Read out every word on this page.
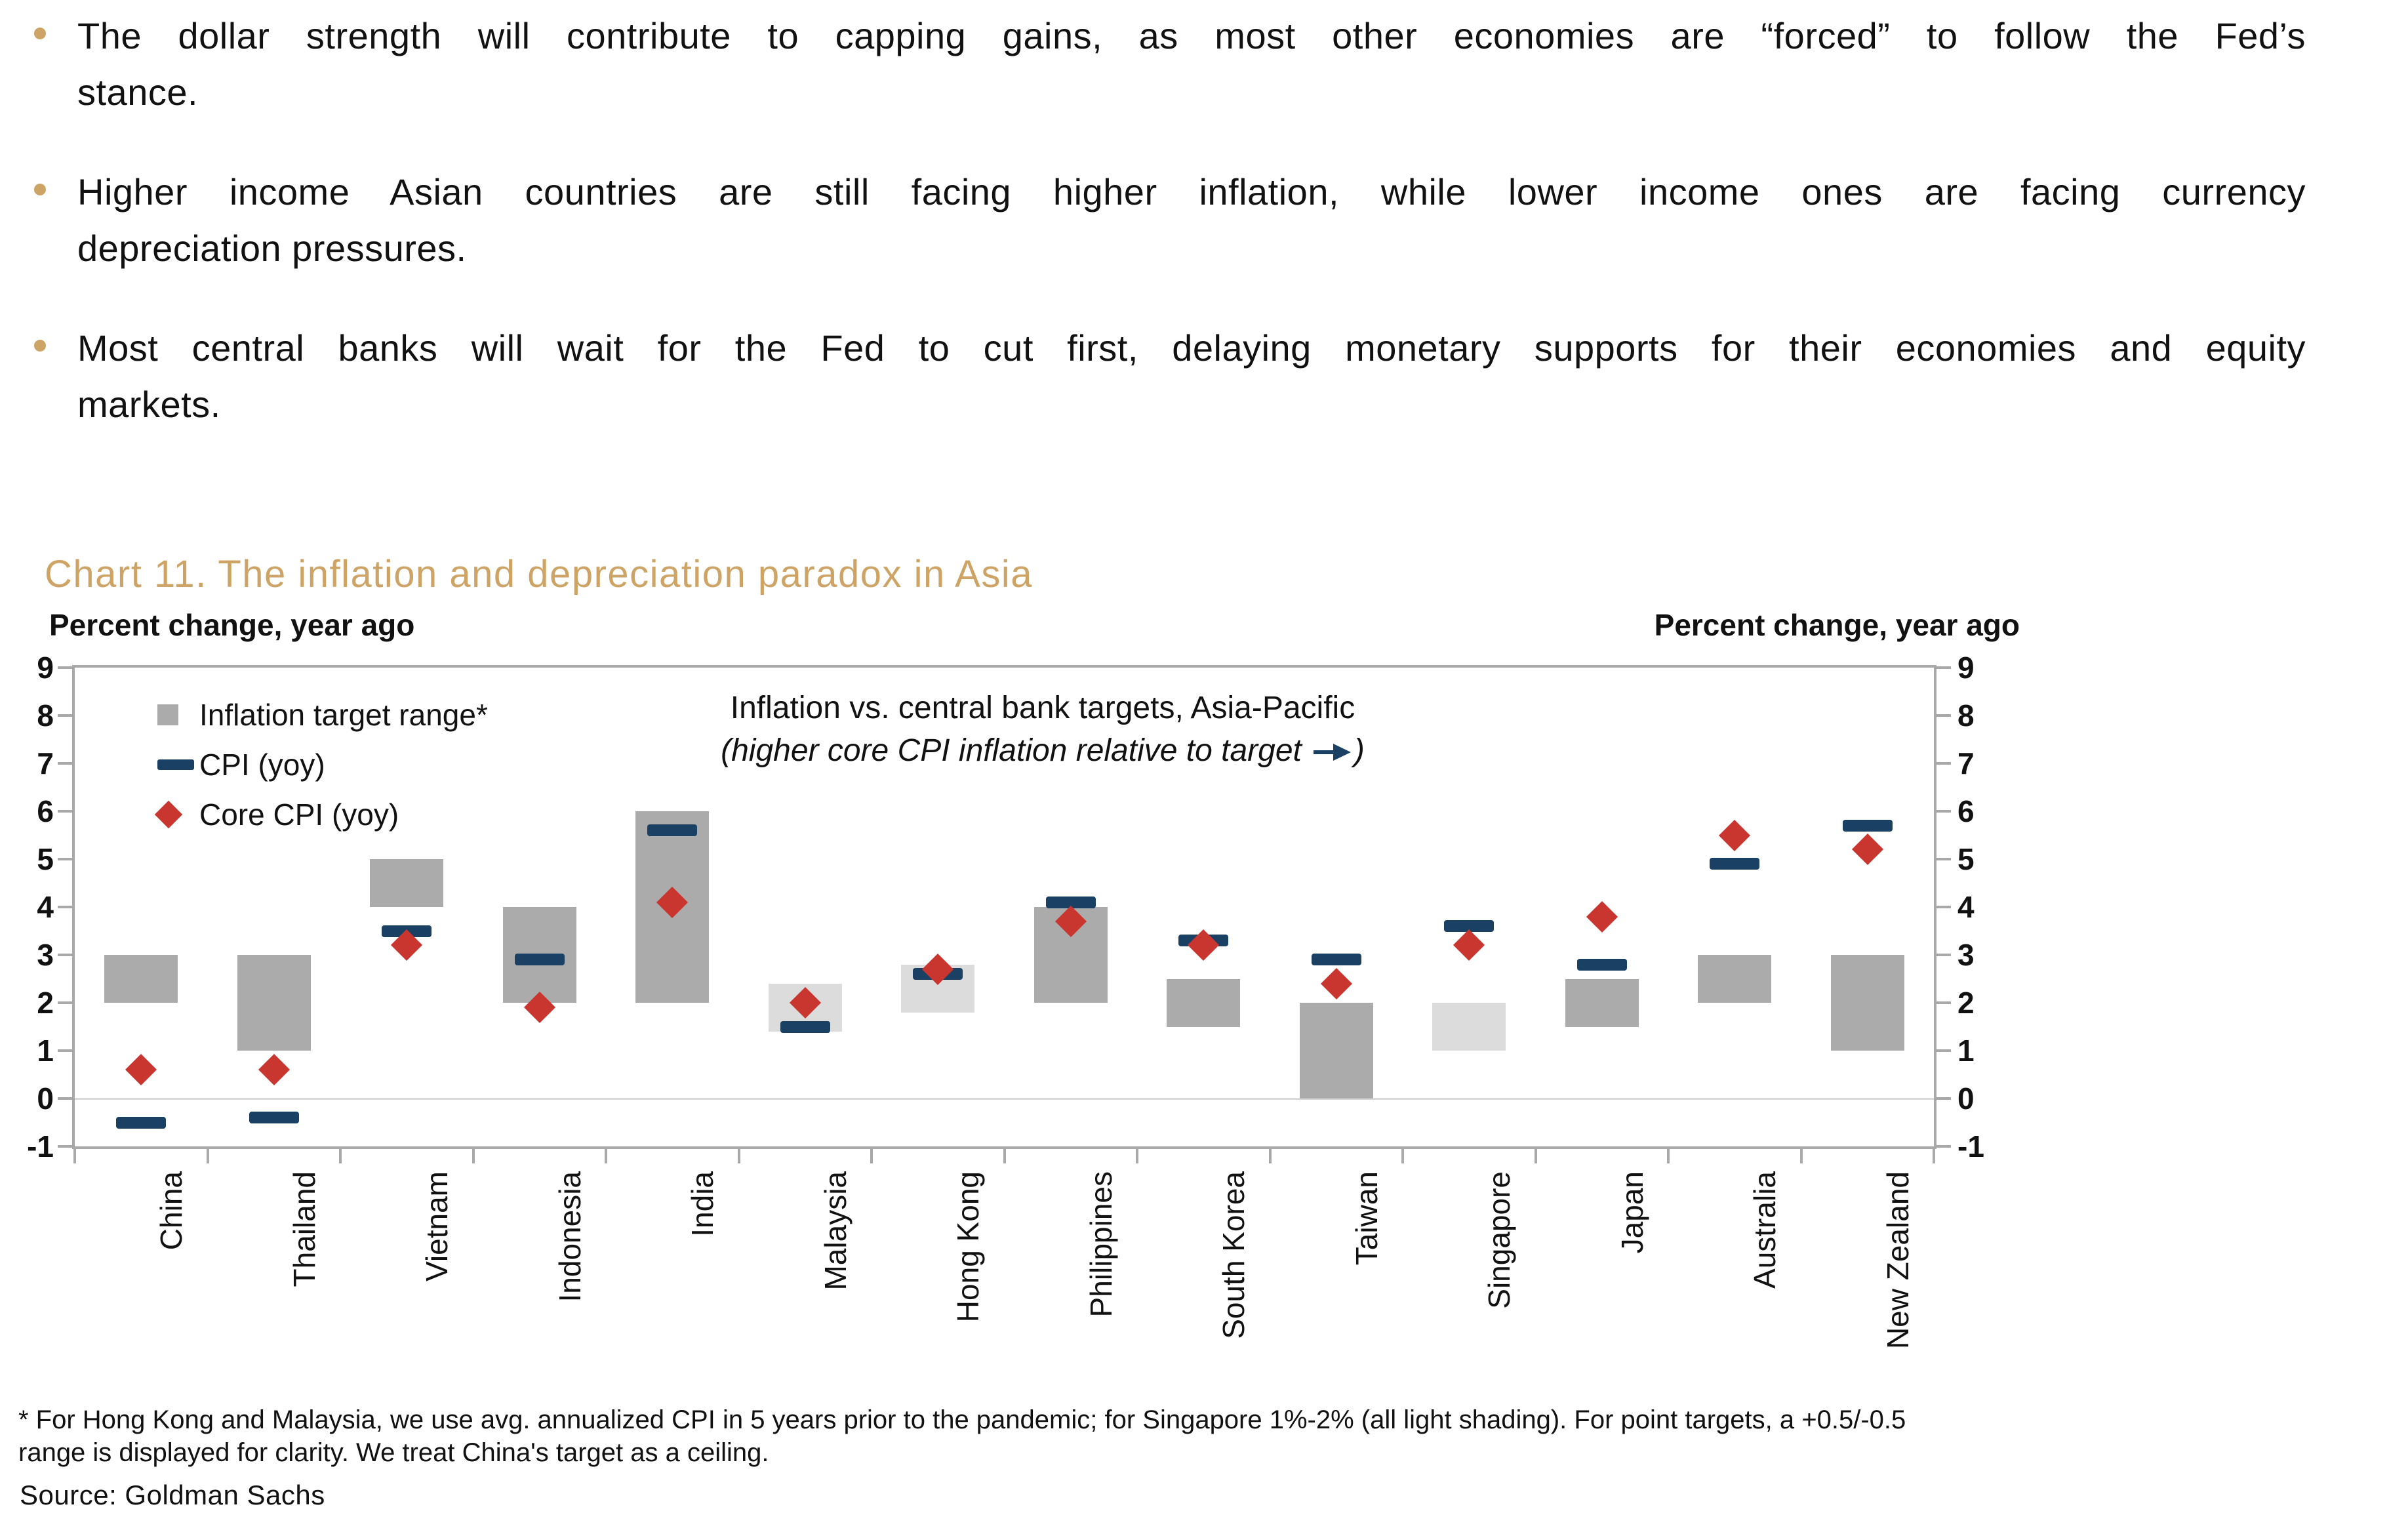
The dollar strength will contribute to capping gains, as most other economies are “forced” to follow the Fed’s
stance.
Higher income Asian countries are still facing higher inflation, while lower income ones are facing currency
depreciation pressures.
Most central banks will wait for the Fed to cut first, delaying monetary supports for their economies and equity
markets.
Chart 11. The inflation and depreciation paradox in Asia
Percent change, year ago	Percent change, year ago
9
8
7
6
5
4
3
2
1
0
-1
9
8
7
6
5
4
3
2
1
0
-1
Inflation target range*
CPI (yoy)
Core CPI (yoy)
Inflation vs. central bank targets, Asia-Pacific
(higher core CPI inflation relative to target )
China	Thailand	Vietnam	Indonesia	India	Malaysia	Hong Kong	Philippines	South Korea	Taiwan	Singapore	Japan	Australia	New Zealand
* For Hong Kong and Malaysia, we use avg. annualized CPI in 5 years prior to the pandemic; for Singapore 1%-2% (all light shading). For point targets, a +0.5/-0.5 range is displayed for clarity. We treat China's target as a ceiling.
Source: Goldman Sachs
